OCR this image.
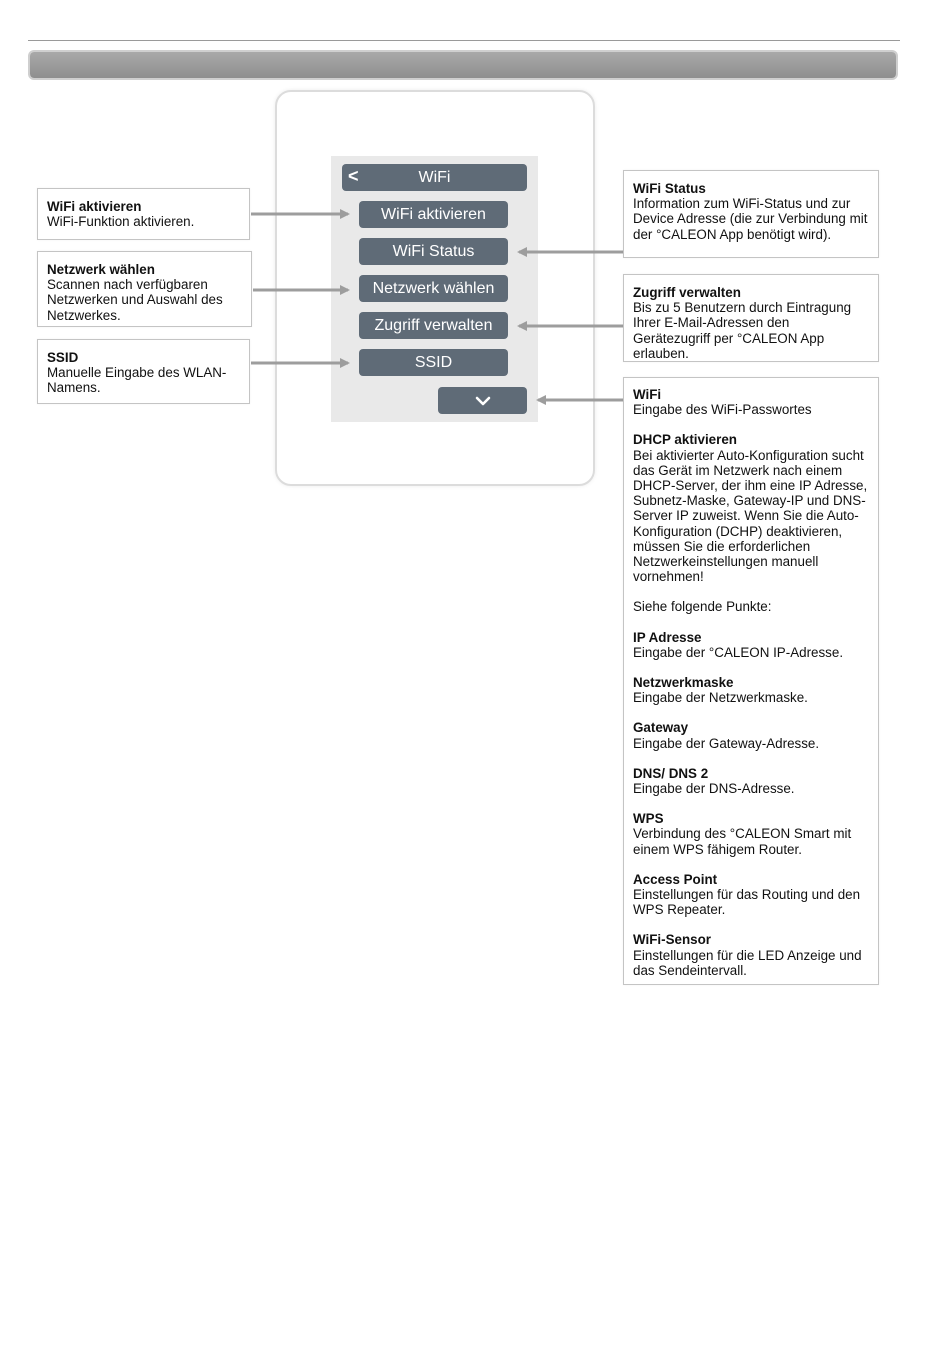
<	WiFi
WiFi aktivieren
WiFi Status
Netzwerk wählen
Zugriff verwalten
SSID
WiFi aktivieren
WiFi-Funktion aktivieren.
Netzwerk wählen
Scannen nach verfügbaren Netzwerken und Auswahl des Netzwerkes.
SSID
Manuelle Eingabe des WLAN-Namens.
WiFi Status
Information zum WiFi-Status und zur Device Adresse (die zur Verbindung mit der °CALEON App benötigt wird).
Zugriff verwalten
Bis zu 5 Benutzern durch Eintragung Ihrer E-Mail-Adressen den Gerätezugriff per °CALEON App erlauben.
WiFi
Eingabe des WiFi-Passwortes
DHCP aktivieren
Bei aktivierter Auto-Konfiguration sucht das Gerät im Netzwerk nach einem DHCP-Server, der ihm eine IP Adresse, Subnetz-Maske, Gateway-IP und DNS-Server IP zuweist. Wenn Sie die Auto-Konfiguration (DCHP) deaktivieren, müssen Sie die erforderlichen Netzwerkeinstellungen manuell vornehmen!
Siehe folgende Punkte:
IP Adresse
Eingabe der °CALEON IP-Adresse.
Netzwerkmaske
Eingabe der Netzwerkmaske.
Gateway
Eingabe der Gateway-Adresse.
DNS/ DNS 2
Eingabe der DNS-Adresse.
WPS
Verbindung des °CALEON Smart mit einem WPS fähigem Router.
Access Point
Einstellungen für das Routing und den WPS Repeater.
WiFi-Sensor
Einstellungen für die LED Anzeige und das Sendeintervall.
